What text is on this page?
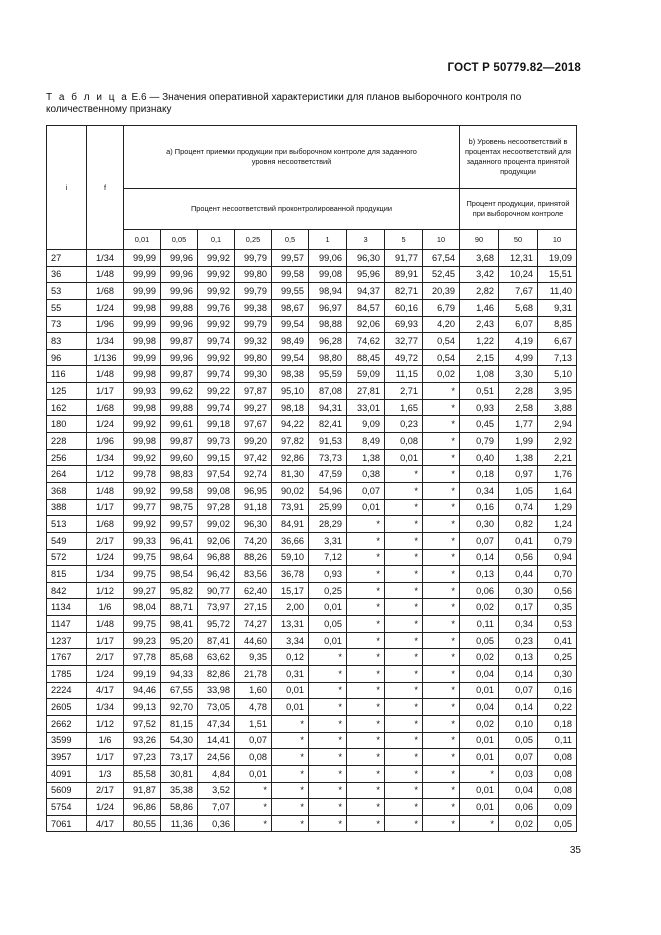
ГОСТ Р 50779.82—2018
Т а б л и ц а Е.6 — Значения оперативной характеристики для планов выборочного контроля по количественному признаку
i	f	а) Процент приемки продукции при выборочном контроле для заданного уровня несоответствий									b) Уровень несоответствий в процентах несоответствий для заданного процента принятой продукции		
		Процент несоответствий проконтролированной продукции									Процент продукции, принятой при выборочном контроле		
		0,01	0,05	0,1	0,25	0,5	1	3	5	10	90	50	10
27	1/34	99,99	99,96	99,92	99,79	99,57	99,06	96,30	91,77	67,54	3,68	12,31	19,09
36	1/48	99,99	99,96	99,92	99,80	99,58	99,08	95,96	89,91	52,45	3,42	10,24	15,51
53	1/68	99,99	99,96	99,92	99,79	99,55	98,94	94,37	82,71	20,39	2,82	7,67	11,40
55	1/24	99,98	99,88	99,76	99,38	98,67	96,97	84,57	60,16	6,79	1,46	5,68	9,31
73	1/96	99,99	99,96	99,92	99,79	99,54	98,88	92,06	69,93	4,20	2,43	6,07	8,85
83	1/34	99,98	99,87	99,74	99,32	98,49	96,28	74,62	32,77	0,54	1,22	4,19	6,67
96	1/136	99,99	99,96	99,92	99,80	99,54	98,80	88,45	49,72	0,54	2,15	4,99	7,13
116	1/48	99,98	99,87	99,74	99,30	98,38	95,59	59,09	11,15	0,02	1,08	3,30	5,10
125	1/17	99,93	99,62	99,22	97,87	95,10	87,08	27,81	2,71	*	0,51	2,28	3,95
162	1/68	99,98	99,88	99,74	99,27	98,18	94,31	33,01	1,65	*	0,93	2,58	3,88
180	1/24	99,92	99,61	99,18	97,67	94,22	82,41	9,09	0,23	*	0,45	1,77	2,94
228	1/96	99,98	99,87	99,73	99,20	97,82	91,53	8,49	0,08	*	0,79	1,99	2,92
256	1/34	99,92	99,60	99,15	97,42	92,86	73,73	1,38	0,01	*	0,40	1,38	2,21
264	1/12	99,78	98,83	97,54	92,74	81,30	47,59	0,38	*	*	0,18	0,97	1,76
368	1/48	99,92	99,58	99,08	96,95	90,02	54,96	0,07	*	*	0,34	1,05	1,64
388	1/17	99,77	98,75	97,28	91,18	73,91	25,99	0,01	*	*	0,16	0,74	1,29
513	1/68	99,92	99,57	99,02	96,30	84,91	28,29	*	*	*	0,30	0,82	1,24
549	2/17	99,33	96,41	92,06	74,20	36,66	3,31	*	*	*	0,07	0,41	0,79
572	1/24	99,75	98,64	96,88	88,26	59,10	7,12	*	*	*	0,14	0,56	0,94
815	1/34	99,75	98,54	96,42	83,56	36,78	0,93	*	*	*	0,13	0,44	0,70
842	1/12	99,27	95,82	90,77	62,40	15,17	0,25	*	*	*	0,06	0,30	0,56
1134	1/6	98,04	88,71	73,97	27,15	2,00	0,01	*	*	*	0,02	0,17	0,35
1147	1/48	99,75	98,41	95,72	74,27	13,31	0,05	*	*	*	0,11	0,34	0,53
1237	1/17	99,23	95,20	87,41	44,60	3,34	0,01	*	*	*	0,05	0,23	0,41
1767	2/17	97,78	85,68	63,62	9,35	0,12	*	*	*	*	0,02	0,13	0,25
1785	1/24	99,19	94,33	82,86	21,78	0,31	*	*	*	*	0,04	0,14	0,30
2224	4/17	94,46	67,55	33,98	1,60	0,01	*	*	*	*	0,01	0,07	0,16
2605	1/34	99,13	92,70	73,05	4,78	0,01	*	*	*	*	0,04	0,14	0,22
2662	1/12	97,52	81,15	47,34	1,51	*	*	*	*	*	0,02	0,10	0,18
3599	1/6	93,26	54,30	14,41	0,07	*	*	*	*	*	0,01	0,05	0,11
3957	1/17	97,23	73,17	24,56	0,08	*	*	*	*	*	0,01	0,07	0,08
4091	1/3	85,58	30,81	4,84	0,01	*	*	*	*	*	*	0,03	0,08
5609	2/17	91,87	35,38	3,52	*	*	*	*	*	*	0,01	0,04	0,08
5754	1/24	96,86	58,86	7,07	*	*	*	*	*	*	0,01	0,06	0,09
7061	4/17	80,55	11,36	0,36	*	*	*	*	*	*	*	0,02	0,05
35
